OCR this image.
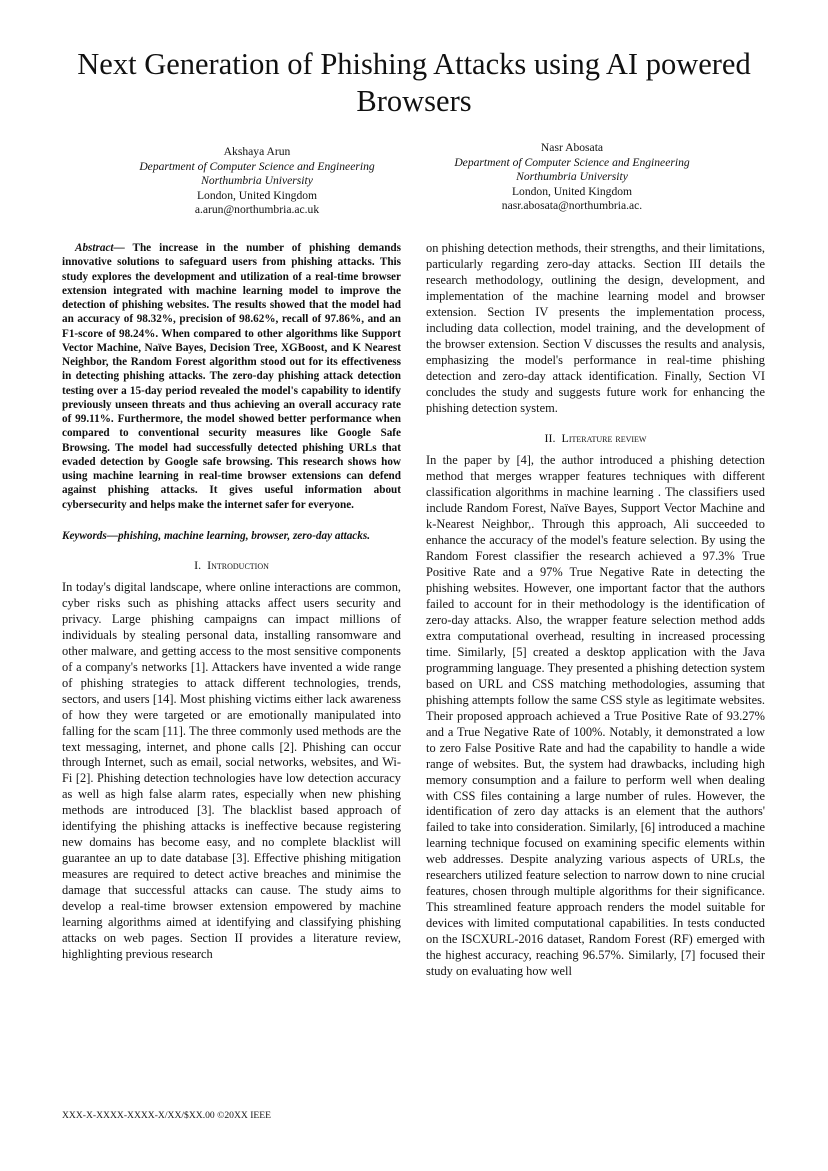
Next Generation of Phishing Attacks using AI powered Browsers
Akshaya Arun
Department of Computer Science and Engineering
Northumbria University
London, United Kingdom
a.arun@northumbria.ac.uk
Nasr Abosata
Department of Computer Science and Engineering
Northumbria University
London, United Kingdom
nasr.abosata@northumbria.ac.

Abstract— The increase in the number of phishing demands innovative solutions to safeguard users from phishing attacks. This study explores the development and utilization of a real-time browser extension integrated with machine learning model to improve the detection of phishing websites. The results showed that the model had an accuracy of 98.32%, precision of 98.62%, recall of 97.86%, and an F1-score of 98.24%. When compared to other algorithms like Support Vector Machine, Naïve Bayes, Decision Tree, XGBoost, and K Nearest Neighbor, the Random Forest algorithm stood out for its effectiveness in detecting phishing attacks. The zero-day phishing attack detection testing over a 15-day period revealed the model's capability to identify previously unseen threats and thus achieving an overall accuracy rate of 99.11%. Furthermore, the model showed better performance when compared to conventional security measures like Google Safe Browsing. The model had successfully detected phishing URLs that evaded detection by Google safe browsing. This research shows how using machine learning in real-time browser extensions can defend against phishing attacks. It gives useful information about cybersecurity and helps make the internet safer for everyone.

Keywords—phishing, machine learning, browser, zero-day attacks.

I. Introduction

In today's digital landscape, where online interactions are common, cyber risks such as phishing attacks affect users security and privacy. Large phishing campaigns can impact millions of individuals by stealing personal data, installing ransomware and other malware, and getting access to the most sensitive components of a company's networks [1]. Attackers have invented a wide range of phishing strategies to attack different technologies, trends, sectors, and users [14]. Most phishing victims either lack awareness of how they were targeted or are emotionally manipulated into falling for the scam [11]. The three commonly used methods are the text messaging, internet, and phone calls [2]. Phishing can occur through Internet, such as email, social networks, websites, and Wi-Fi [2]. Phishing detection technologies have low detection accuracy as well as high false alarm rates, especially when new phishing methods are introduced [3]. The blacklist based approach of identifying the phishing attacks is ineffective because registering new domains has become easy, and no complete blacklist will guarantee an up to date database [3]. Effective phishing mitigation measures are required to detect active breaches and minimise the damage that successful attacks can cause. The study aims to develop a real-time browser extension empowered by machine learning algorithms aimed at identifying and classifying phishing attacks on web pages. Section II provides a literature review, highlighting previous research

on phishing detection methods, their strengths, and their limitations, particularly regarding zero-day attacks. Section III details the research methodology, outlining the design, development, and implementation of the machine learning model and browser extension. Section IV presents the implementation process, including data collection, model training, and the development of the browser extension. Section V discusses the results and analysis, emphasizing the model's performance in real-time phishing detection and zero-day attack identification. Finally, Section VI concludes the study and suggests future work for enhancing the phishing detection system.

II. Literature review

In the paper by [4], the author introduced a phishing detection method that merges wrapper features techniques with different classification algorithms in machine learning . The classifiers used include Random Forest, Naïve Bayes, Support Vector Machine and k-Nearest Neighbor,. Through this approach, Ali succeeded to enhance the accuracy of the model's feature selection. By using the Random Forest classifier the research achieved a 97.3% True Positive Rate and a 97% True Negative Rate in detecting the phishing websites. However, one important factor that the authors failed to account for in their methodology is the identification of zero-day attacks. Also, the wrapper feature selection method adds extra computational overhead, resulting in increased processing time. Similarly, [5] created a desktop application with the Java programming language. They presented a phishing detection system based on URL and CSS matching methodologies, assuming that phishing attempts follow the same CSS style as legitimate websites. Their proposed approach achieved a True Positive Rate of 93.27% and a True Negative Rate of 100%. Notably, it demonstrated a low to zero False Positive Rate and had the capability to handle a wide range of websites. But, the system had drawbacks, including high memory consumption and a failure to perform well when dealing with CSS files containing a large number of rules. However, the identification of zero day attacks is an element that the authors' failed to take into consideration. Similarly, [6] introduced a machine learning technique focused on examining specific elements within web addresses. Despite analyzing various aspects of URLs, the researchers utilized feature selection to narrow down to nine crucial features, chosen through multiple algorithms for their significance. This streamlined feature approach renders the model suitable for devices with limited computational capabilities. In tests conducted on the ISCXURL-2016 dataset, Random Forest (RF) emerged with the highest accuracy, reaching 96.57%. Similarly, [7] focused their study on evaluating how well

XXX-X-XXXX-XXXX-X/XX/$XX.00 ©20XX IEEE
